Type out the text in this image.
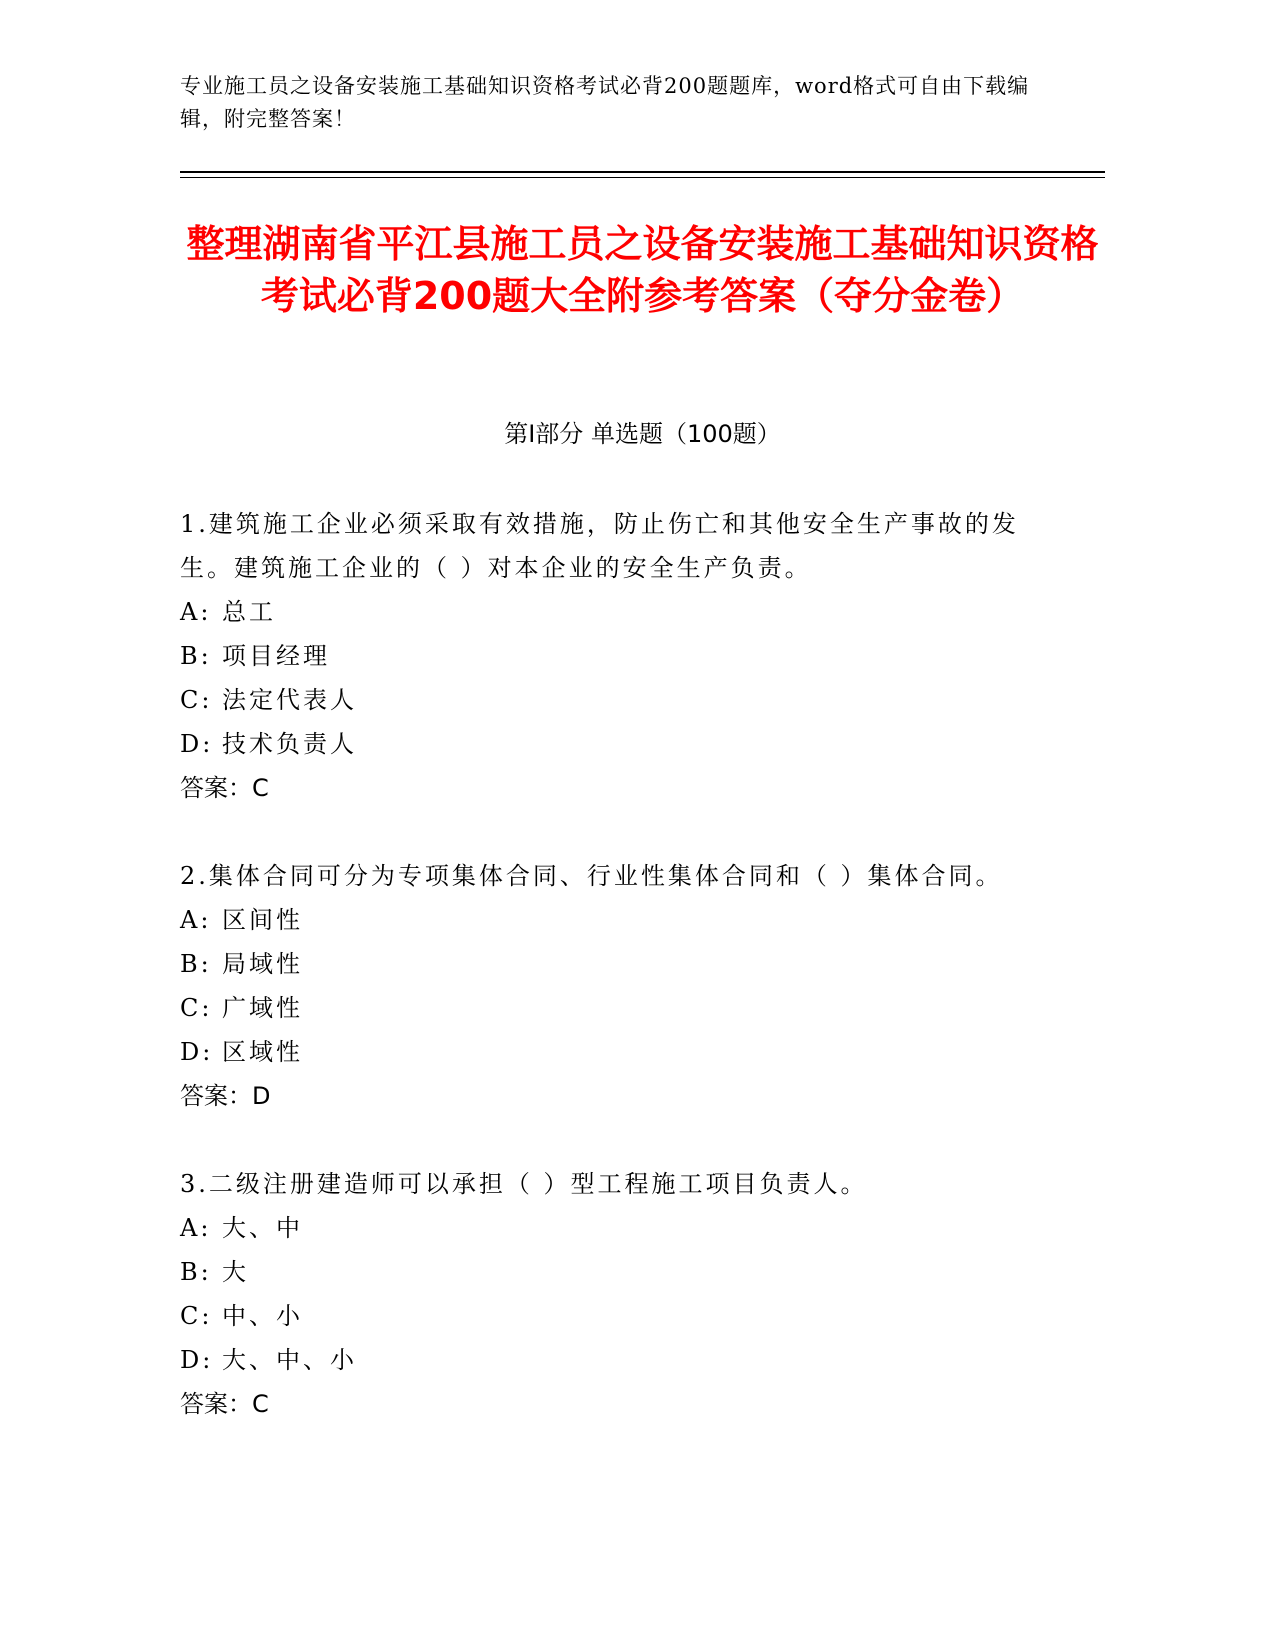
专业施工员之设备安装施工基础知识资格考试必背200题题库，word格式可自由下载编辑，附完整答案！
整理湖南省平江县施工员之设备安装施工基础知识资格考试必背200题大全附参考答案（夺分金卷）
第Ⅰ部分 单选题（100题）

1.建筑施工企业必须采取有效措施，防止伤亡和其他安全生产事故的发生。建筑施工企业的（ ）对本企业的安全生产负责。

A: 总工

B: 项目经理

C: 法定代表人

D: 技术负责人

答案：C

2.集体合同可分为专项集体合同、行业性集体合同和（ ）集体合同。

A: 区间性

B: 局域性

C: 广域性

D: 区域性

答案：D

3.二级注册建造师可以承担（ ）型工程施工项目负责人。

A: 大、中

B: 大

C: 中、小

D: 大、中、小

答案：C
